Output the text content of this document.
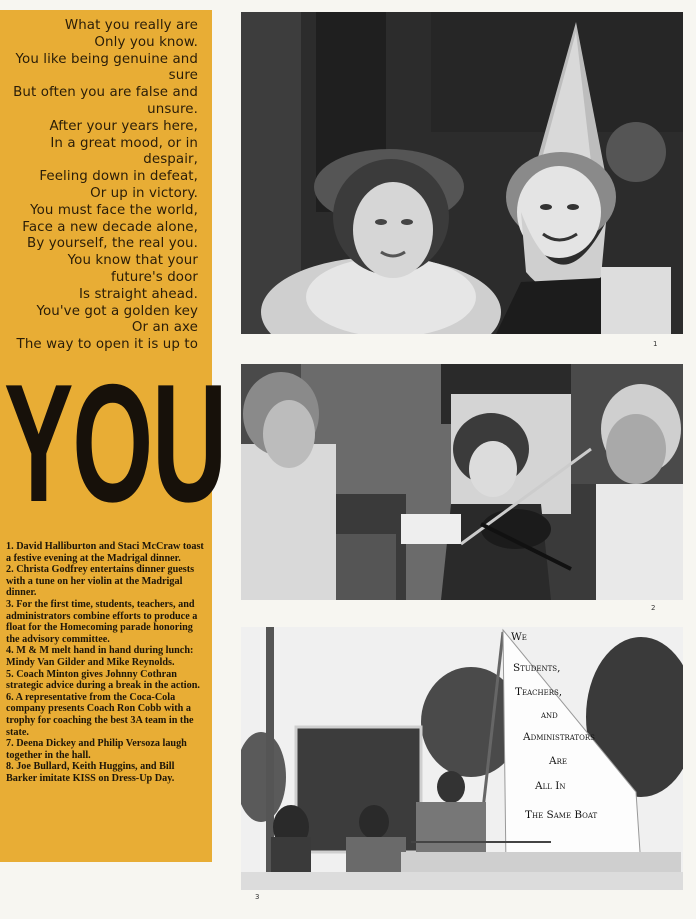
What you really are
Only you know.
You like being genuine and
sure
But often you are false and
unsure.
After your years here,
In a great mood, or in
despair,
Feeling down in defeat,
Or up in victory.
You must face the world,
Face a new decade alone,
By yourself, the real you.
You know that your
future's door
Is straight ahead.
You've got a golden key
Or an axe
The way to open it is up to
YOU

1. David Halliburton and Staci McCraw toast a festive evening at the Madrigal dinner.

2. Christa Godfrey entertains dinner guests with a tune on her violin at the Madrigal dinner.

3. For the first time, students, teachers, and administrators combine efforts to produce a float for the Homecoming parade honoring the advisory committee.

4. M & M melt hand in hand during lunch: Mindy Van Gilder and Mike Reynolds.

5. Coach Minton gives Johnny Cothran strategic advice during a break in the action.

6. A representative from the Coca-Cola company presents Coach Ron Cobb with a trophy for coaching the best 3A team in the state.

7. Deena Dickey and Philip Versoza laugh together in the hall.

8. Joe Bullard, Keith Huggins, and Bill Barker imitate KISS on Dress-Up Day.

1
2
We
Students,
Teachers,
and
Administrators
Are
All In
The Same Boat
3
